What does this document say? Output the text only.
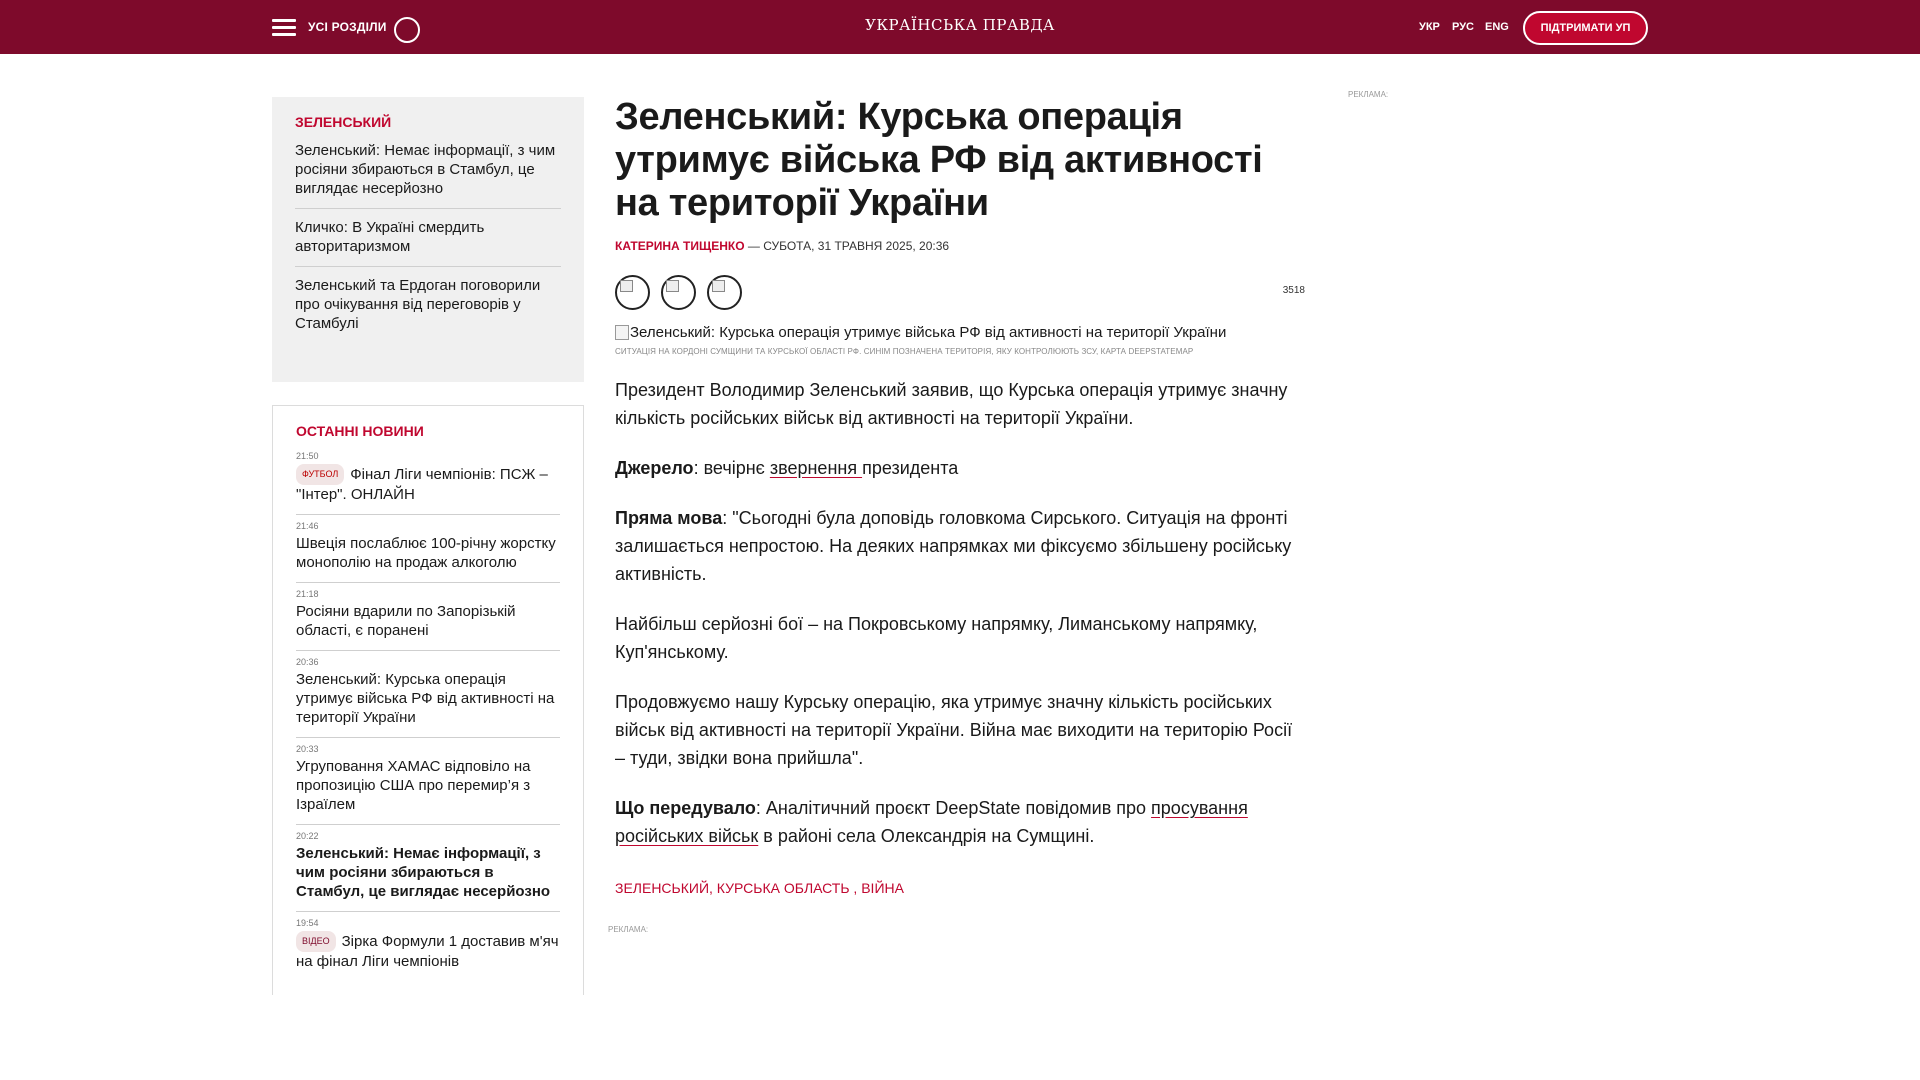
УСІ РОЗДІЛИ	УКРАЇНСЬКА ПРАВДА	УКР РУС ENG	ПІДТРИМАТИ УП
ЗЕЛЕНСЬКИЙ
Зеленський: Немає інформації, з чим росіяни збираються в Стамбул, це виглядає несерйозно
Кличко: В Україні смердить авторитаризмом
Зеленський та Ердоган поговорили про очікування від переговорів у Стамбулі
ОСТАННІ НОВИНИ
21:50
ФУТБОЛ Фінал Ліги чемпіонів: ПСЖ – "Інтер". ОНЛАЙН
21:46
Швеція послаблює 100-річну жорстку монополію на продаж алкоголю
21:18
Росіяни вдарили по Запорізькій області, є поранені
20:36
Зеленський: Курська операція утримує війська РФ від активності на території України
20:33
Угруповання ХАМАС відповіло на пропозицію США про перемир’я з Ізраїлем
20:22
Зеленський: Немає інформації, з чим росіяни збираються в Стамбул, це виглядає несерйозно
19:54
ВІДЕО Зірка Формули 1 доставив м'яч на фінал Ліги чемпіонів
Зеленський: Курська операція утримує війська РФ від активності на території України
КАТЕРИНА ТИЩЕНКО — СУБОТА, 31 ТРАВНЯ 2025, 20:36
3518
Зеленський: Курська операція утримує війська РФ від активності на території України
СИТУАЦІЯ НА КОРДОНІ СУМЩИНИ ТА КУРСЬКОЇ ОБЛАСТІ РФ. СИНІМ ПОЗНАЧЕНА ТЕРИТОРІЯ, ЯКУ КОНТРОЛЮЮТЬ ЗСУ, КАРТА DEEPSTATEMAP

Президент Володимир Зеленський заявив, що Курська операція утримує значну кількість російських військ від активності на території України.

Джерело: вечірнє звернення президента

Пряма мова: "Сьогодні була доповідь головкома Сирського. Ситуація на фронті залишається непростою. На деяких напрямках ми фіксуємо збільшену російську активність.

Найбільш серйозні бої – на Покровському напрямку, Лиманському напрямку, Куп'янському.

Продовжуємо нашу Курську операцію, яка утримує значну кількість російських військ від активності на території України. Війна має виходити на територію Росії – туди, звідки вона прийшла".

Що передувало: Аналітичний проєкт DeepState повідомив про просування російських військ в районі села Олександрія на Сумщині.

ЗЕЛЕНСЬКИЙ, КУРСЬКА ОБЛАСТЬ , ВІЙНА
РЕКЛАМА:
РЕКЛАМА:
